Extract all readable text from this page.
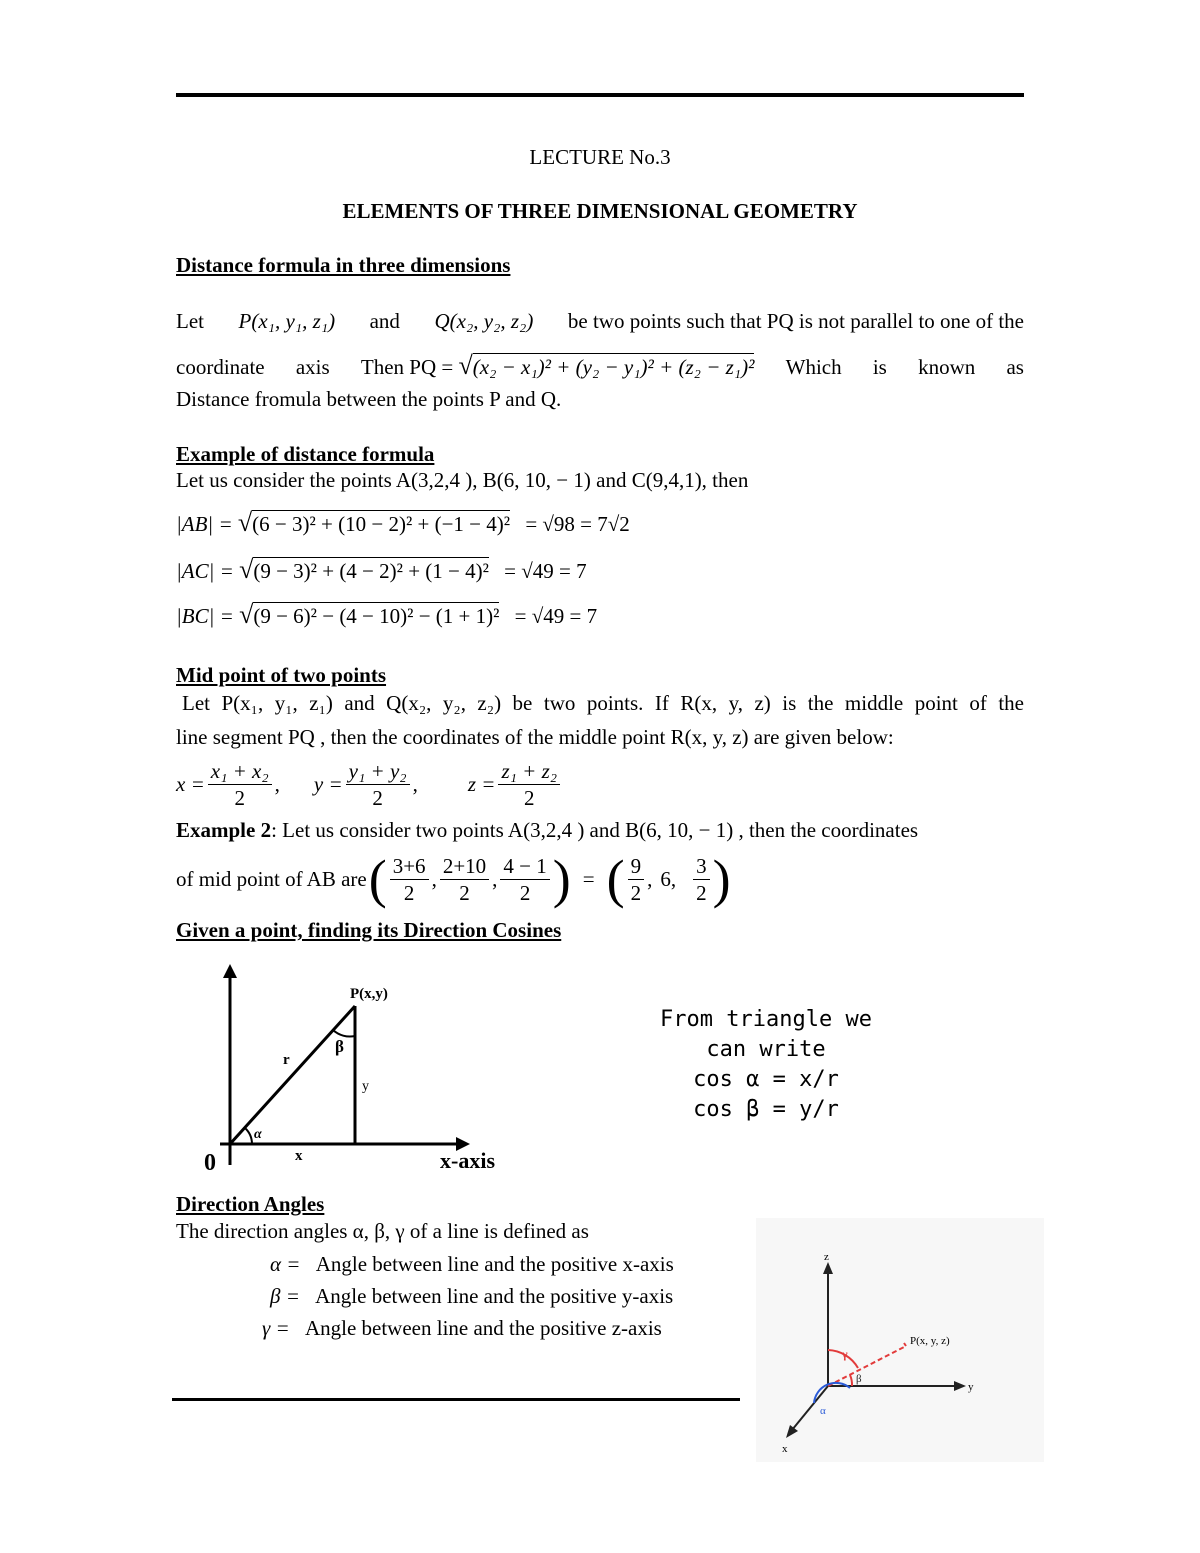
LECTURE No.3
ELEMENTS OF THREE DIMENSIONAL GEOMETRY
Distance formula in three dimensions
Let P(x₁, y₁, z₁) and Q(x₂, y₂, z₂) be two points such that PQ is not parallel to one of the
coordinate axis Then PQ = √(x₂ − x₁)² + (y₂ − y₁)² + (z₂ − z₁)² Which is known as
Distance fromula between the points P and Q.
Example of distance formula
Let us consider the points A(3,2,4 ), B(6, 10, − 1) and C(9,4,1), then
|AB| = √(6 − 3)² + (10 − 2)² + (−1 − 4)² = √98 = 7√2
|AC| = √(9 − 3)² + (4 − 2)² + (1 − 4)² = √49 = 7
|BC| = √(9 − 6)² − (4 − 10)² − (1 + 1)² = √49 = 7
Mid point of two points
Let P(x₁, y₁, z₁) and Q(x₂, y₂, z₂) be two points. If R(x, y, z) is the middle point of the
line segment PQ , then the coordinates of the middle point R(x, y, z) are given below:
$x = \frac{\text{x₁ + x₂}}{2}$ , $y = \frac{\text{y₁ + y₂}}{2}$ , $z = \frac{\text{z₁ + z₂}}{2}$
Example 2: Let us consider two points A(3,2,4 ) and B(6, 10, − 1) , then the coordinates
of mid point of AB are ( $\frac{3+6}{2}$ , $\frac{2+10}{2}$ , $\frac{4 - 1}{2}$ ) = ( $\frac{9}{2}$ , 6, $\frac{3}{2}$ )
Given a point, finding its Direction Cosines
P(x,y)
β
r
y
α
0	x	x-axis
From triangle we
can write
cos α = x/r
cos β = y/r
Direction Angles
The direction angles α, β, γ of a line is defined as
α = Angle between line and the positive x-axis
β = Angle between line and the positive y-axis
γ = Angle between line and the positive z-axis
z
y
x
P(x, y, z)
γ
β
α
